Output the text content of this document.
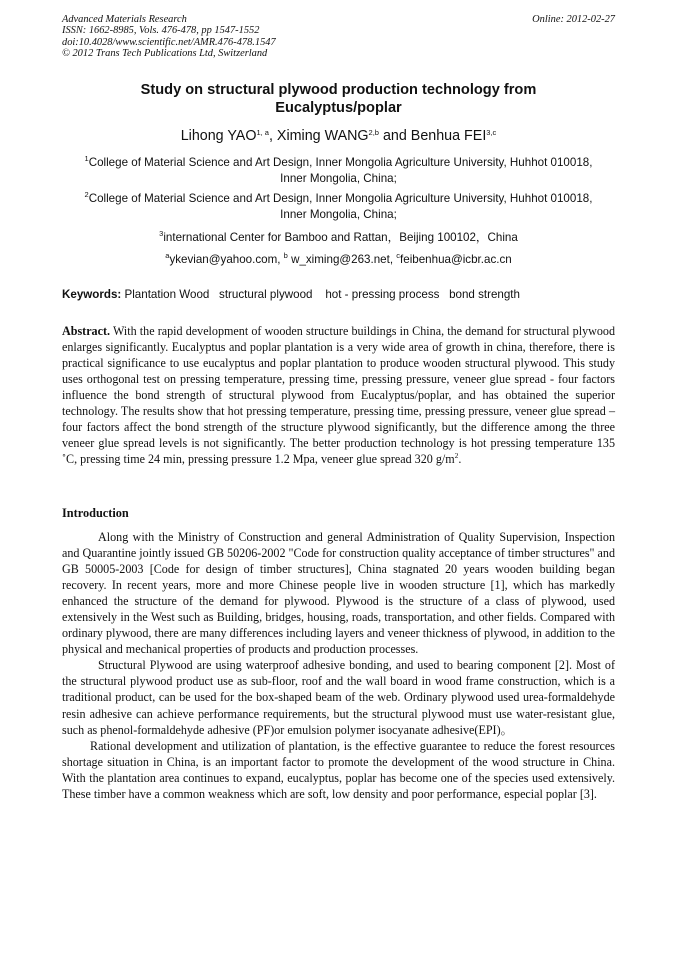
Advanced Materials Research
ISSN: 1662-8985, Vols. 476-478, pp 1547-1552
doi:10.4028/www.scientific.net/AMR.476-478.1547
© 2012 Trans Tech Publications Ltd, Switzerland
Online: 2012-02-27
Study on structural plywood production technology from
Eucalyptus/poplar
Lihong YAO$^{1, a}$, Ximing WANG$^{2,b}$ and Benhua FEI$^{3,c}$
$^1$College of Material Science and Art Design, Inner Mongolia Agriculture University, Huhhot 010018,
Inner Mongolia, China;
$^2$College of Material Science and Art Design, Inner Mongolia Agriculture University, Huhhot 010018,
Inner Mongolia, China;
$^3$international Center for Bamboo and Rattan，Beijing 100102，China
$^a$ykevian@yahoo.com, $^b$ w_ximing@263.net, $^c$feibenhua@icbr.ac.cn
Keywords: Plantation Wood   structural plywood    hot - pressing process   bond strength

Abstract. With the rapid development of wooden structure buildings in China, the demand for structural plywood enlarges significantly. Eucalyptus and poplar plantation is a very wide area of growth in china, therefore, there is practical significance to use eucalyptus and poplar plantation to produce wooden structural plywood. This study uses orthogonal test on pressing temperature, pressing time, pressing pressure, veneer glue spread - four factors influence the bond strength of structural plywood from Eucalyptus/poplar, and has obtained the superior technology. The results show that hot pressing temperature, pressing time, pressing pressure, veneer glue spread –four factors affect the bond strength of the structure plywood significantly, but the difference among the three veneer glue spread levels is not significantly. The better production technology is hot pressing temperature 135 ˚C, pressing time 24 min, pressing pressure 1.2 Mpa, veneer glue spread 320 $g/m^2$.

Introduction

Along with the Ministry of Construction and general Administration of Quality Supervision, Inspection and Quarantine jointly issued GB 50206-2002 "Code for construction quality acceptance of timber structures" and GB 50005-2003 [Code for design of timber structures], China stagnated 20 years wooden building began recovery. In recent years, more and more Chinese people live in wooden structure [1], which has markedly enhanced the structure of the demand for plywood. Plywood is the structure of a class of plywood, used extensively in the West such as Building, bridges, housing, roads, transportation, and other fields. Compared with ordinary plywood, there are many differences including layers and veneer thickness of plywood, in addition to the physical and mechanical properties of products and production processes.

Structural Plywood are using waterproof adhesive bonding, and used to bearing component [2]. Most of the structural plywood product use as sub-floor, roof and the wall board in wood frame construction, which is a traditional product, can be used for the box-shaped beam of the web. Ordinary plywood used urea-formaldehyde resin adhesive can achieve performance requirements, but the structural plywood must use water-resistant glue, such as phenol-formaldehyde adhesive (PF)or emulsion polymer isocyanate adhesive(EPI)。

Rational development and utilization of plantation, is the effective guarantee to reduce the forest resources shortage situation in China, is an important factor to promote the development of the wood structure in China. With the plantation area continues to expand, eucalyptus, poplar has become one of the species used extensively. These timber have a common weakness which are soft, low density and poor performance, especial poplar [3].
